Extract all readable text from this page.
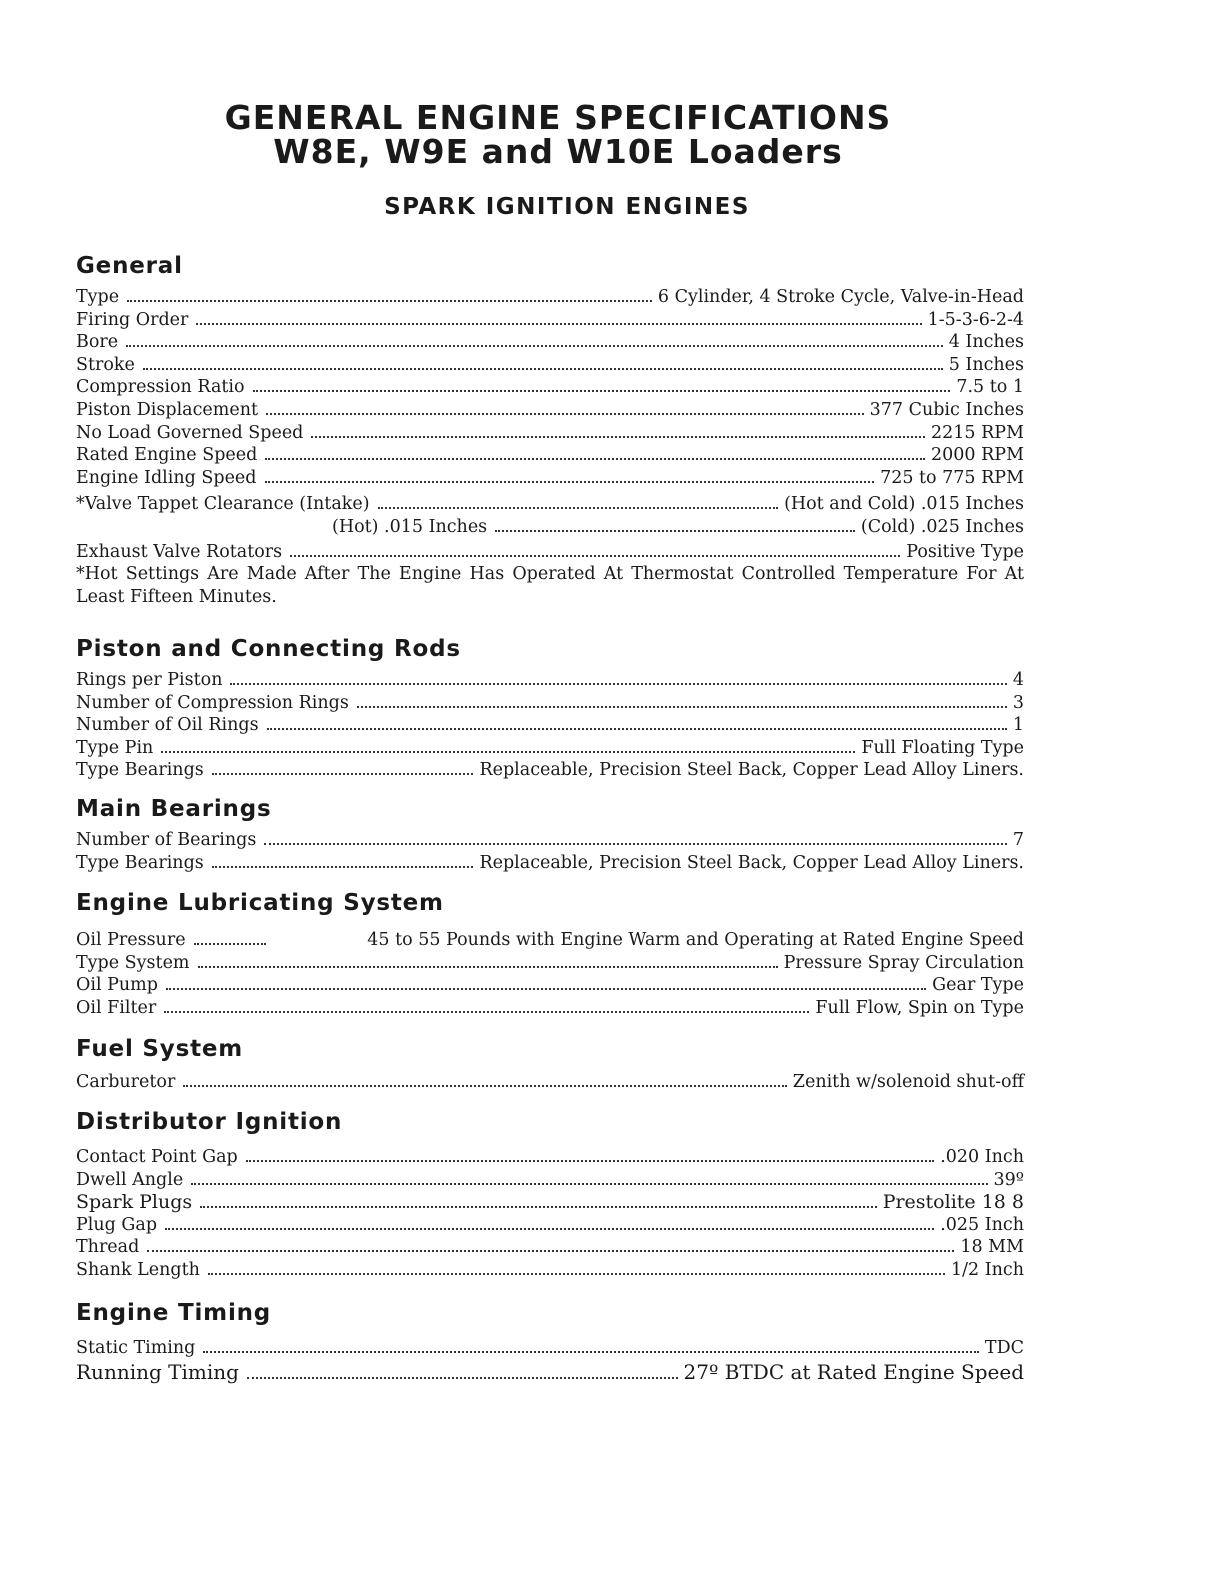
GENERAL ENGINE SPECIFICATIONS
W8E, W9E and W10E Loaders
SPARK IGNITION ENGINES
General
Type	6 Cylinder, 4 Stroke Cycle, Valve-in-Head
Firing Order	1-5-3-6-2-4
Bore	4 Inches
Stroke	5 Inches
Compression Ratio	7.5 to 1
Piston Displacement	377 Cubic Inches
No Load Governed Speed	2215 RPM
Rated Engine Speed	2000 RPM
Engine Idling Speed	725 to 775 RPM
*Valve Tappet Clearance (Intake)	(Hot and Cold) .015 Inches
(Hot) .015 Inches	(Cold) .025 Inches
Exhaust Valve Rotators	Positive Type
*Hot Settings Are Made After The Engine Has Operated At Thermostat Controlled Temperature For At Least Fifteen Minutes.
Piston and Connecting Rods
Rings per Piston	4
Number of Compression Rings	3
Number of Oil Rings	1
Type Pin	Full Floating Type
Type Bearings	Replaceable, Precision Steel Back, Copper Lead Alloy Liners.
Main Bearings
Number of Bearings	7
Type Bearings	Replaceable, Precision Steel Back, Copper Lead Alloy Liners.
Engine Lubricating System
Oil Pressure	45 to 55 Pounds with Engine Warm and Operating at Rated Engine Speed
Type System	Pressure Spray Circulation
Oil Pump	Gear Type
Oil Filter	Full Flow, Spin on Type
Fuel System
Carburetor	Zenith w/solenoid shut-off
Distributor Ignition
Contact Point Gap	.020 Inch
Dwell Angle	39º
Spark Plugs	Prestolite 18 8
Plug Gap	.025 Inch
Thread	18 MM
Shank Length	1/2 Inch
Engine Timing
Static Timing	TDC
Running Timing	27º BTDC at Rated Engine Speed
